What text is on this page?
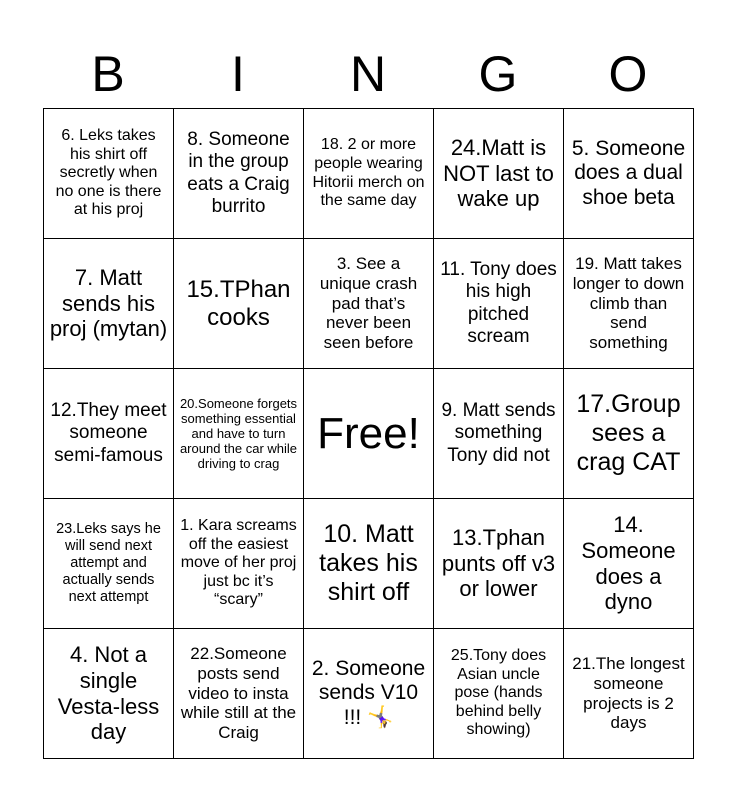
B	I	N	G	O
6. Leks takes his shirt off secretly when no one is there at his proj	8. Someone in the group eats a Craig burrito	18. 2 or more people wearing Hitorii merch on the same day	24.Matt is NOT last to wake up	5. Someone does a dual shoe beta
7. Matt sends his proj (mytan)	15.TPhan cooks	3. See a unique crash pad that’s never been seen before	11. Tony does his high pitched scream	19. Matt takes longer to down climb than send something
12.They meet someone semi-famous	20.Someone forgets something essential and have to turn around the car while driving to crag	Free!	9. Matt sends something Tony did not	17.Group sees a crag CAT
23.Leks says he will send next attempt and actually sends next attempt	1. Kara screams off the easiest move of her proj just bc it’s “scary”	10. Matt takes his shirt off	13.Tphan punts off v3 or lower	14. Someone does a dyno
4. Not a single Vesta-less day	22.Someone posts send video to insta while still at the Craig	2. Someone sends V10 !!! 🤸‍♀️	25.Tony does Asian uncle pose (hands behind belly showing)	21.The longest someone projects is 2 days
